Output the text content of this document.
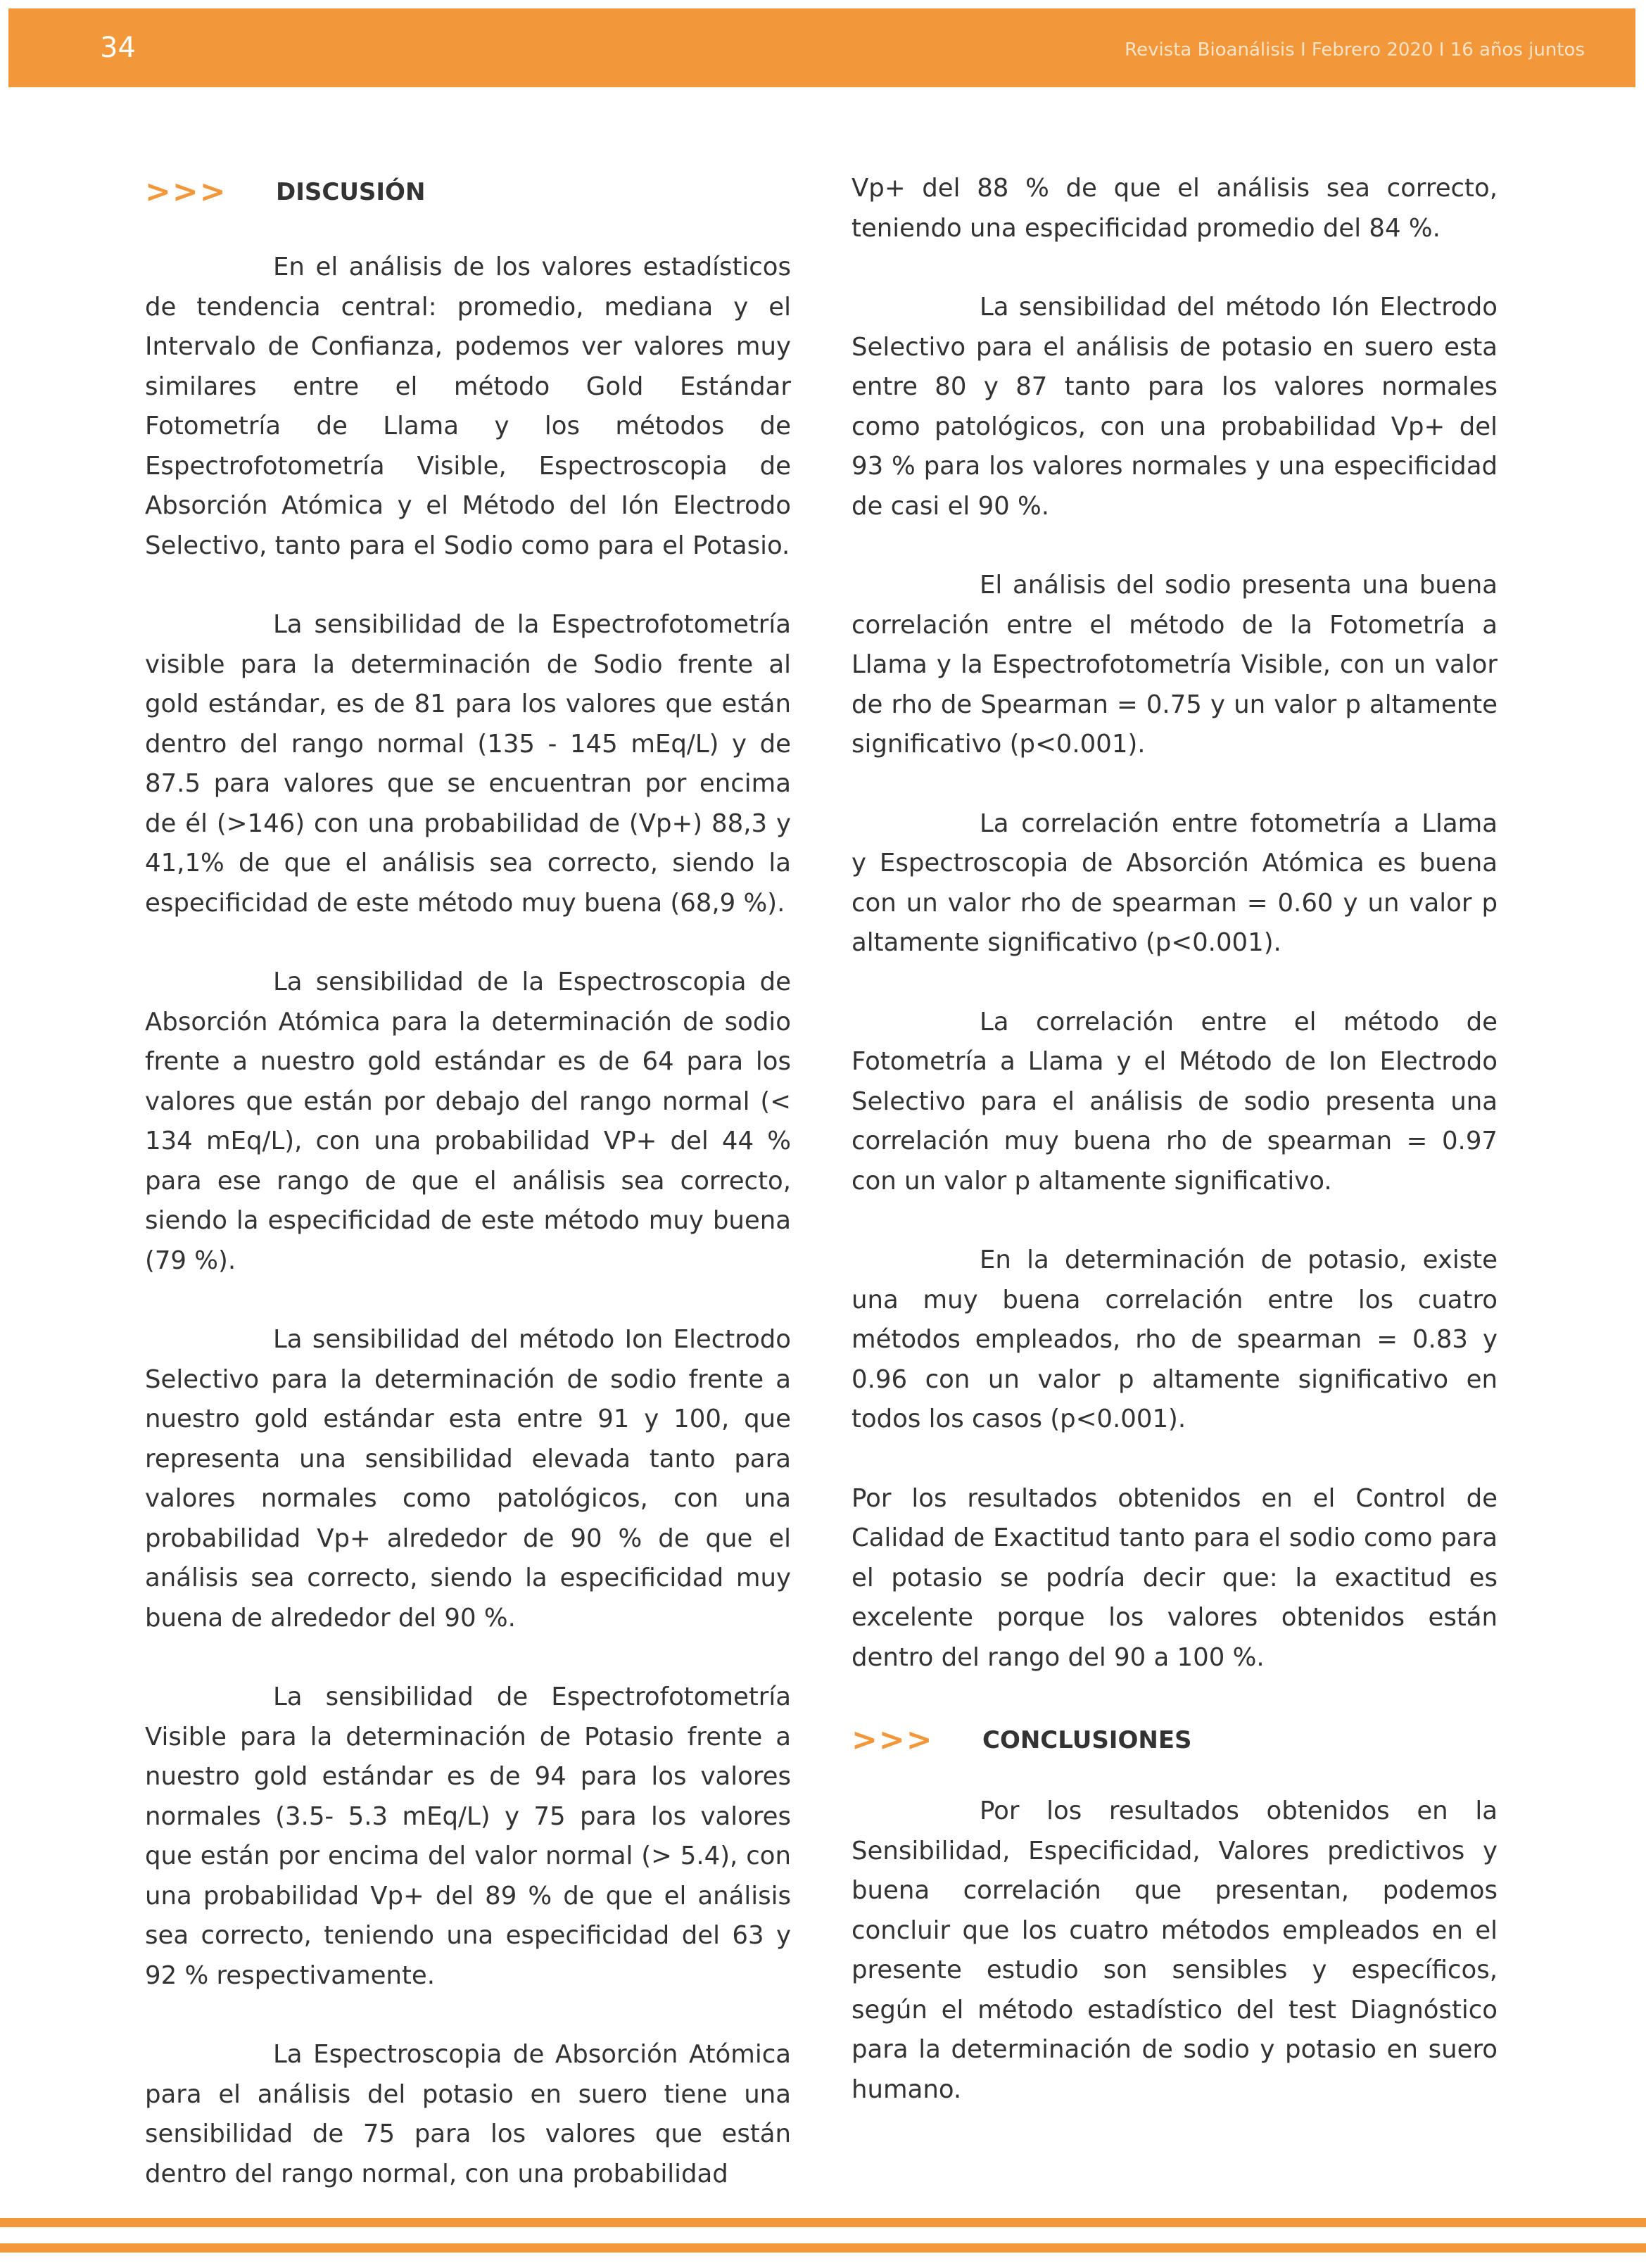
34	Revista Bioanálisis I Febrero 2020 I 16 años juntos
>>>	DISCUSIÓN

En el análisis de los valores estadísticos de tendencia central: promedio, mediana y el Intervalo de Confianza, podemos ver valores muy similares entre el método Gold Estándar Fotometría de Llama y los métodos de Espectrofotometría Visible, Espectroscopia de Absorción Atómica y el Método del Ión Electrodo Selectivo, tanto para el Sodio como para el Potasio.

La sensibilidad de la Espectrofotometría visible para la determinación de Sodio frente al gold estándar, es de 81 para los valores que están dentro del rango normal (135 - 145 mEq/L) y de 87.5 para valores que se encuentran por encima de él (>146) con una probabilidad de (Vp+) 88,3 y 41,1% de que el análisis sea correcto, siendo la especificidad de este método muy buena (68,9 %).

La sensibilidad de la Espectroscopia de Absorción Atómica para la determinación de sodio frente a nuestro gold estándar es de 64 para los valores que están por debajo del rango normal (< 134 mEq/L), con una probabilidad VP+ del 44 % para ese rango de que el análisis sea correcto, siendo la especificidad de este método muy buena (79 %).

La sensibilidad del método Ion Electrodo Selectivo para la determinación de sodio frente a nuestro gold estándar esta entre 91 y 100, que representa una sensibilidad elevada tanto para valores normales como patológicos, con una probabilidad Vp+ alrededor de 90 % de que el análisis sea correcto, siendo la especificidad muy buena de alrededor del 90 %.

La sensibilidad de Espectrofotometría Visible para la determinación de Potasio frente a nuestro gold estándar es de 94 para los valores normales (3.5- 5.3 mEq/L) y 75 para los valores que están por encima del valor normal (> 5.4), con una probabilidad Vp+ del 89 % de que el análisis sea correcto, teniendo una especificidad del 63 y 92 % respectivamente.

La Espectroscopia de Absorción Atómica para el análisis del potasio en suero tiene una sensibilidad de 75 para los valores que están dentro del rango normal, con una probabilidad

Vp+ del 88 % de que el análisis sea correcto, teniendo una especificidad promedio del 84 %.

La sensibilidad del método Ión Electrodo Selectivo para el análisis de potasio en suero esta entre 80 y 87 tanto para los valores normales como patológicos, con una probabilidad Vp+ del 93 % para los valores normales y una especificidad de casi el 90 %.

El análisis del sodio presenta una buena correlación entre el método de la Fotometría a Llama y la Espectrofotometría Visible, con un valor de rho de Spearman = 0.75 y un valor p altamente significativo (p<0.001).

La correlación entre fotometría a Llama y Espectroscopia de Absorción Atómica es buena con un valor rho de spearman = 0.60 y un valor p altamente significativo (p<0.001).

La correlación entre el método de Fotometría a Llama y el Método de Ion Electrodo Selectivo para el análisis de sodio presenta una correlación muy buena rho de spearman = 0.97 con un valor p altamente significativo.

En la determinación de potasio, existe una muy buena correlación entre los cuatro métodos empleados, rho de spearman = 0.83 y 0.96 con un valor p altamente significativo en todos los casos (p<0.001).

Por los resultados obtenidos en el Control de Calidad de Exactitud tanto para el sodio como para el potasio se podría decir que: la exactitud es excelente porque los valores obtenidos están dentro del rango del 90 a 100 %.

>>>	CONCLUSIONES

Por los resultados obtenidos en la Sensibilidad, Especificidad, Valores predictivos y buena correlación que presentan, podemos concluir que los cuatro métodos empleados en el presente estudio son sensibles y específicos, según el método estadístico del test Diagnóstico para la determinación de sodio y potasio en suero humano.
